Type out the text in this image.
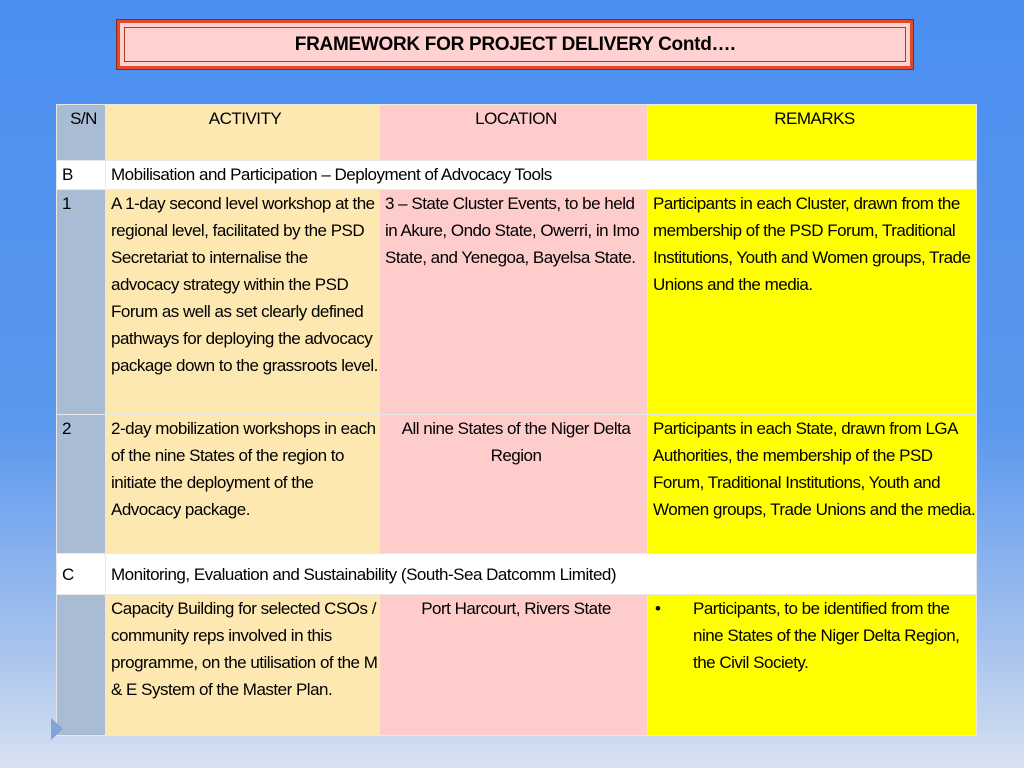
FRAMEWORK FOR PROJECT DELIVERY Contd….
S/N	ACTIVITY	LOCATION	REMARKS
B	Mobilisation and Participation – Deployment of Advocacy Tools		
1	A 1-day second level workshop at the regional level, facilitated by the PSD Secretariat to internalise the advocacy strategy within the PSD Forum as well as set clearly defined pathways for deploying the advocacy package down to the grassroots level.	3 – State Cluster Events, to be held in Akure, Ondo State, Owerri, in Imo State, and Yenegoa, Bayelsa State.	Participants in each Cluster, drawn from the membership of the PSD Forum, Traditional Institutions, Youth and Women groups, Trade Unions and the media.
2	2-day mobilization workshops in each of the nine States of the region to initiate the deployment of the Advocacy package.	All nine States of the Niger Delta Region	Participants in each State, drawn from LGA Authorities, the membership of the PSD Forum, Traditional Institutions, Youth and Women groups, Trade Unions and the media.
C	Monitoring, Evaluation and Sustainability (South-Sea Datcomm Limited)		
	Capacity Building for selected CSOs / community reps involved in this programme, on the utilisation of the M & E System of the Master Plan.	Port Harcourt, Rivers State	• Participants, to be identified from the nine States of the Niger Delta Region, the Civil Society.
